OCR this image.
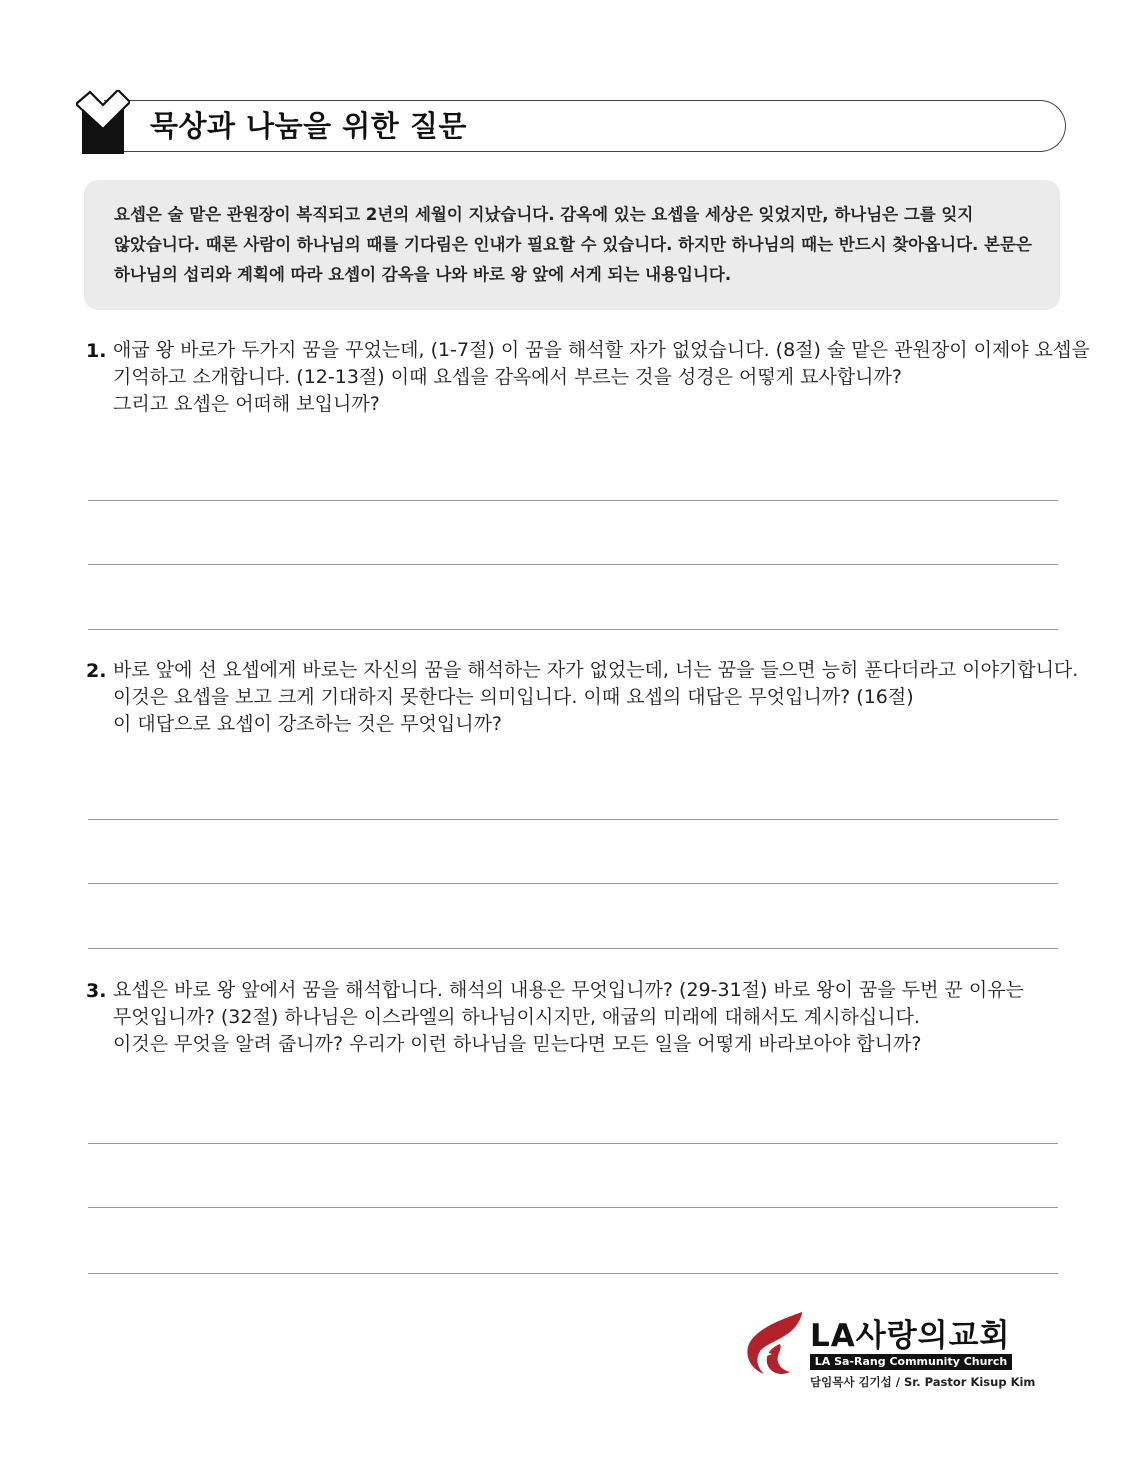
묵상과 나눔을 위한 질문

요셉은 술 맡은 관원장이 복직되고 2년의 세월이 지났습니다. 감옥에 있는 요셉을 세상은 잊었지만, 하나님은 그를 잊지

않았습니다. 때론 사람이 하나님의 때를 기다림은 인내가 필요할 수 있습니다. 하지만 하나님의 때는 반드시 찾아옵니다. 본문은

하나님의 섭리와 계획에 따라 요셉이 감옥을 나와 바로 왕 앞에 서게 되는 내용입니다.

1. 애굽 왕 바로가 두가지 꿈을 꾸었는데, (1-7절) 이 꿈을 해석할 자가 없었습니다. (8절) 술 맡은 관원장이 이제야 요셉을
기억하고 소개합니다. (12-13절) 이때 요셉을 감옥에서 부르는 것을 성경은 어떻게 묘사합니까?
그리고 요셉은 어떠해 보입니까?
2. 바로 앞에 선 요셉에게 바로는 자신의 꿈을 해석하는 자가 없었는데, 너는 꿈을 들으면 능히 푼다더라고 이야기합니다.
이것은 요셉을 보고 크게 기대하지 못한다는 의미입니다. 이때 요셉의 대답은 무엇입니까? (16절)
이 대답으로 요셉이 강조하는 것은 무엇입니까?
3. 요셉은 바로 왕 앞에서 꿈을 해석합니다. 해석의 내용은 무엇입니까? (29-31절) 바로 왕이 꿈을 두번 꾼 이유는
무엇입니까? (32절) 하나님은 이스라엘의 하나님이시지만, 애굽의 미래에 대해서도 계시하십니다.
이것은 무엇을 알려 줍니까? 우리가 이런 하나님을 믿는다면 모든 일을 어떻게 바라보아야 합니까?
LA사랑의교회
LA Sa-Rang Community Church
담임목사 김기섭 / Sr. Pastor Kisup Kim
